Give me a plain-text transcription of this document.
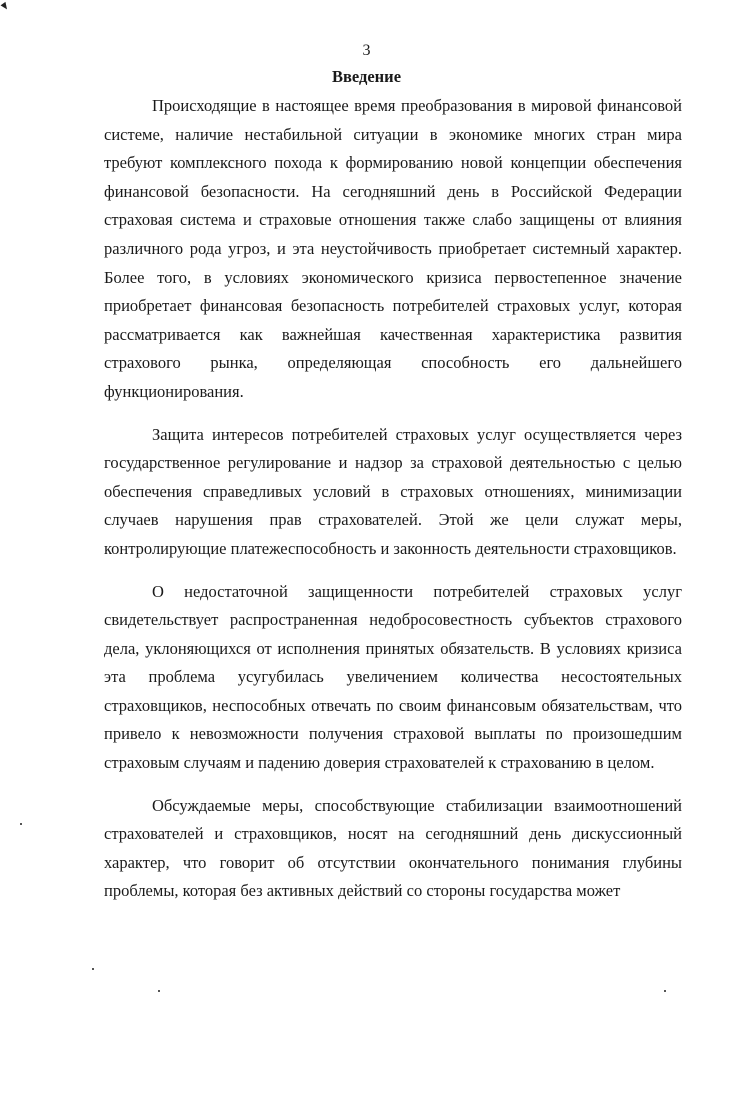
3
Введение

Происходящие в настоящее время преобразования в мировой финансовой системе, наличие нестабильной ситуации в экономике многих стран мира требуют комплексного похода к формированию новой концепции обеспечения финансовой безопасности. На сегодняшний день в Российской Федерации страховая система и страховые отношения также слабо защищены от влияния различного рода угроз, и эта неустойчивость приобретает системный характер. Более того, в условиях экономического кризиса первостепенное значение приобретает финансовая безопасность потребителей страховых услуг, которая рассматривается как важнейшая качественная характеристика развития страхового рынка, определяющая способность его дальнейшего функционирования.

Защита интересов потребителей страховых услуг осуществляется через государственное регулирование и надзор за страховой деятельностью с целью обеспечения справедливых условий в страховых отношениях, минимизации случаев нарушения прав страхователей. Этой же цели служат меры, контролирующие платежеспособность и законность деятельности страховщиков.

О недостаточной защищенности потребителей страховых услуг свидетельствует распространенная недобросовестность субъектов страхового дела, уклоняющихся от исполнения принятых обязательств. В условиях кризиса эта проблема усугубилась увеличением количества несостоятельных страховщиков, неспособных отвечать по своим финансовым обязательствам, что привело к невозможности получения страховой выплаты по произошедшим страховым случаям и падению доверия страхователей к страхованию в целом.

Обсуждаемые меры, способствующие стабилизации взаимоотношений страхователей и страховщиков, носят на сегодняшний день дискуссионный характер, что говорит об отсутствии окончательного понимания глубины проблемы, которая без активных действий со стороны государства может
